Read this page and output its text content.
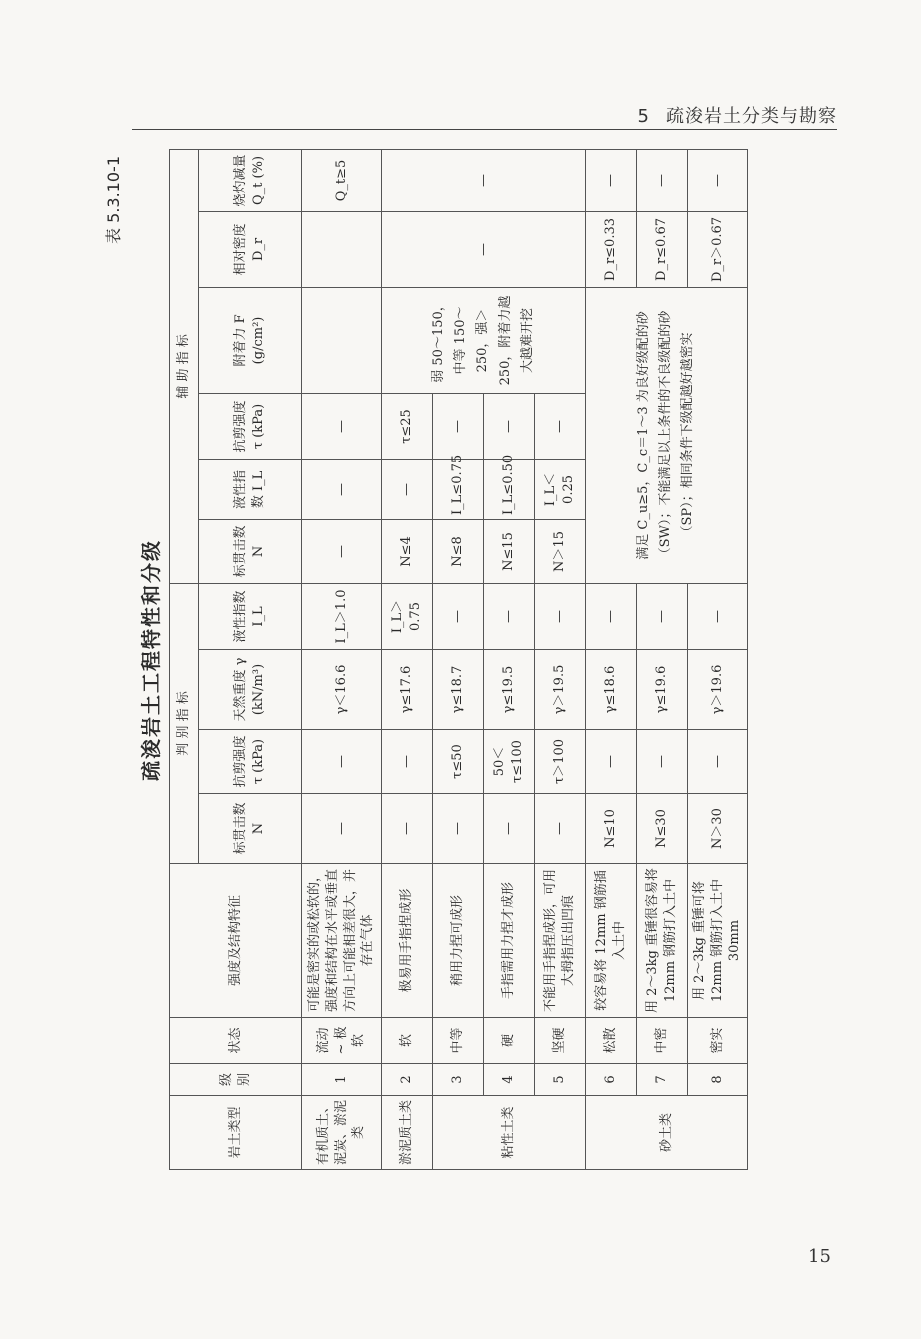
5 疏浚岩土分类与勘察
表 5.3.10-1
疏浚岩土工程特性和分级
岩土类型	级别	状态	强度及结构特征	判 别 指 标				辅 助 指 标					
				标贯击数 N	抗剪强度 τ (kPa)	天然重度 γ (kN/m³)	液性指数 I_L	标贯击数 N	液性指数 I_L	抗剪强度 τ (kPa)	附着力 F (g/cm²)	相对密度 D_r	烧灼减量 Q_t (%)
有机质土、泥炭、淤泥类	1	流动 ~ 极软	可能是密实的或松软的，强度和结构在水平或垂直方向上可能相差很大，并存在气体	—	—	γ＜16.6	I_L＞1.0	—	—	—			Q_t≥5
淤泥质土类	2	软	极易用手指捏成形	—	—	γ≤17.6	I_L＞0.75	N≤4	—	τ≤25	弱 50～150，中等 150～250，强＞250，附着力越大越难开挖	—	—
粘性土类	3	中等	稍用力捏可成形	—	τ≤50	γ≤18.7	—	N≤8	I_L≤0.75	—			
	4	硬	手指需用力捏才成形	—	50＜τ≤100	γ≤19.5	—	N≤15	I_L≤0.50	—			
	5	坚硬	不能用手指捏成形，可用大拇指压出凹痕	—	τ＞100	γ＞19.5	—	N＞15	I_L＜0.25	—			
砂土类	6	松散	较容易将 12mm 钢筋插入土中	N≤10	—	γ≤18.6	—	满足 C_u≥5，C_c＝1～3 为良好级配的砂（SW）；不能满足以上条件的不良级配的砂（SP）；相同条件下级配越好越密实				D_r≤0.33	—
	7	中密	用 2～3kg 重锤很容易将 12mm 钢筋打入土中	N≤30	—	γ≤19.6	—					D_r≤0.67	—
	8	密实	用 2～3kg 重锤可将 12mm 钢筋打入土中 30mm	N＞30	—	γ＞19.6	—					D_r＞0.67	—
15
